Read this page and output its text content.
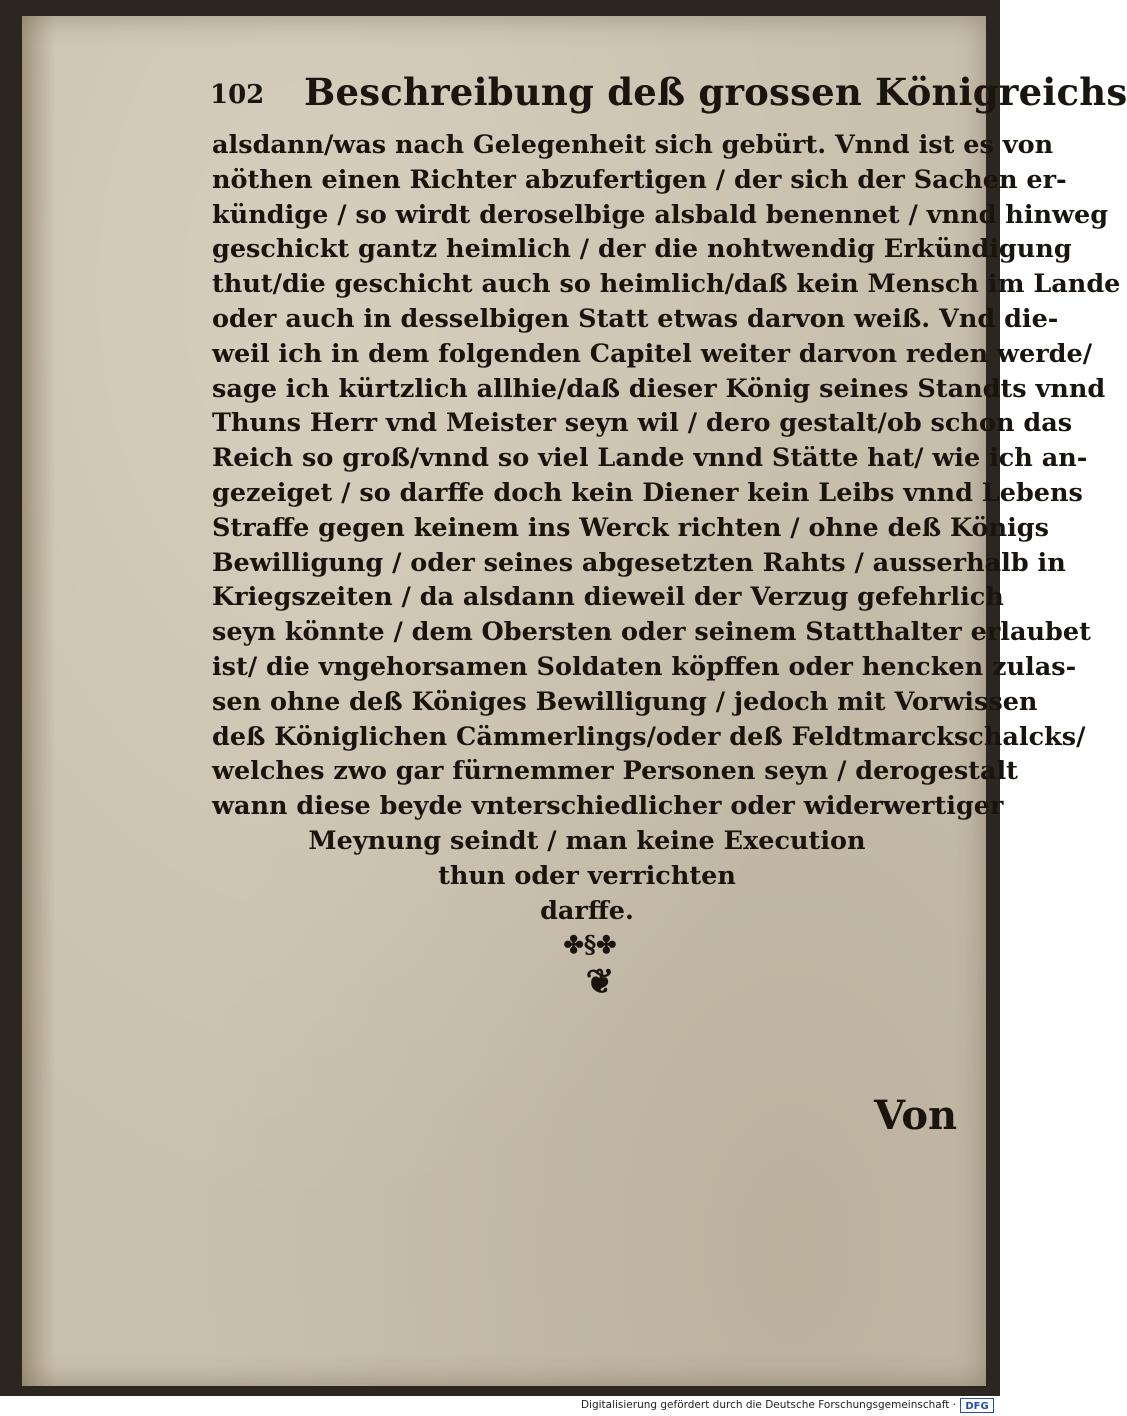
102 Beschreibung deß grossen Königreichs
alsdann/was nach Gelegenheit sich gebürt. Vnnd ist es von
nöthen einen Richter abzufertigen / der sich der Sachen er-
kündige / so wirdt deroselbige alsbald benennet / vnnd hinweg
geschickt gantz heimlich / der die nohtwendig Erkündigung
thut/die geschicht auch so heimlich/daß kein Mensch im Lande
oder auch in desselbigen Statt etwas darvon weiß. Vnd die-
weil ich in dem folgenden Capitel weiter darvon reden werde/
sage ich kürtzlich allhie/daß dieser König seines Standts vnnd
Thuns Herr vnd Meister seyn wil / dero gestalt/ob schon das
Reich so groß/vnnd so viel Lande vnnd Stätte hat/ wie ich an-
gezeiget / so darffe doch kein Diener kein Leibs vnnd Lebens
Straffe gegen keinem ins Werck richten / ohne deß Königs
Bewilligung / oder seines abgesetzten Rahts / ausserhalb in
Kriegszeiten / da alsdann dieweil der Verzug gefehrlich
seyn könnte / dem Obersten oder seinem Statthalter erlaubet
ist/ die vngehorsamen Soldaten köpffen oder hencken zulas-
sen ohne deß Königes Bewilligung / jedoch mit Vorwissen
deß Königlichen Cämmerlings/oder deß Feldtmarckschalcks/
welches zwo gar fürnemmer Personen seyn / derogestalt
wann diese beyde vnterschiedlicher oder widerwertiger
Meynung seindt / man keine Execution
thun oder verrichten
darffe.
✤§✤
❦
Von
Digitalisierung gefördert durch die Deutsche Forschungsgemeinschaft · DFG
